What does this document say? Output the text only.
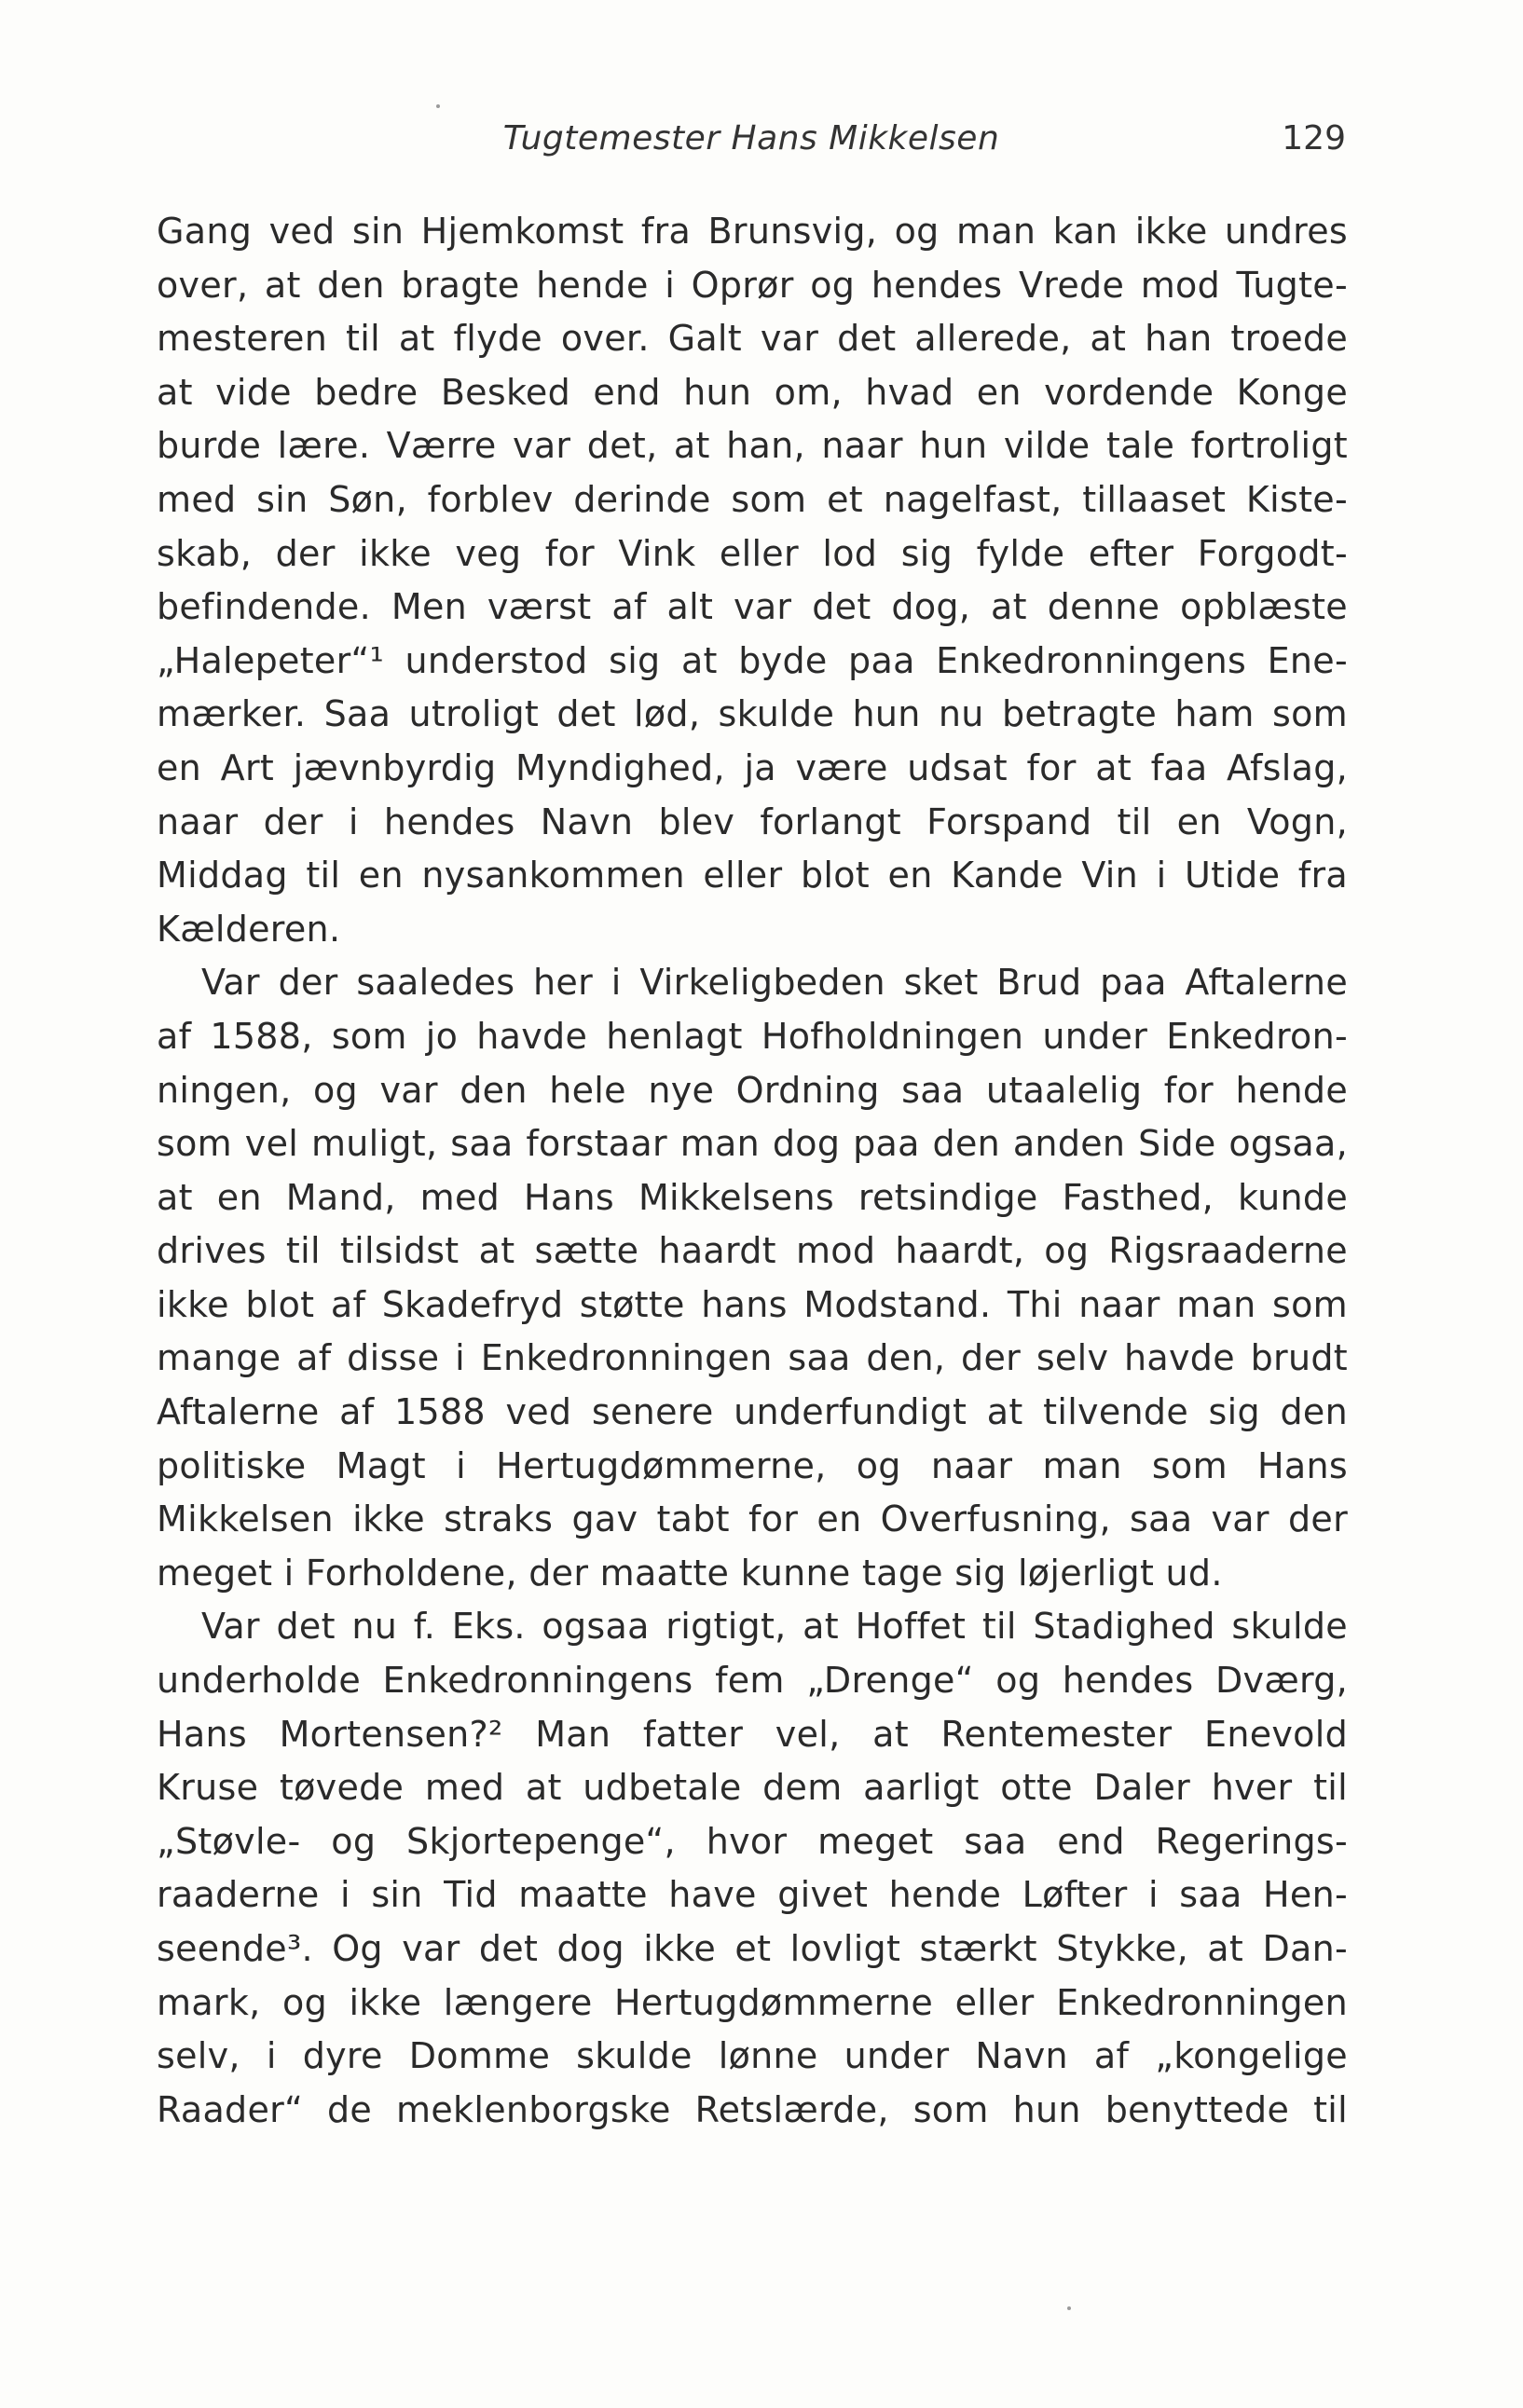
Tugtemester Hans Mikkelsen	129
Gang ved sin Hjemkomst fra Brunsvig, og man kan ikke undres
over, at den bragte hende i Oprør og hendes Vrede mod Tugte-
mesteren til at flyde over. Galt var det allerede, at han troede
at vide bedre Besked end hun om, hvad en vordende Konge
burde lære. Værre var det, at han, naar hun vilde tale fortroligt
med sin Søn, forblev derinde som et nagelfast, tillaaset Kiste-
skab, der ikke veg for Vink eller lod sig fylde efter Forgodt-
befindende. Men værst af alt var det dog, at denne opblæste
„Halepeter“¹ understod sig at byde paa Enkedronningens Ene-
mærker. Saa utroligt det lød, skulde hun nu betragte ham som
en Art jævnbyrdig Myndighed, ja være udsat for at faa Afslag,
naar der i hendes Navn blev forlangt Forspand til en Vogn,
Middag til en nysankommen eller blot en Kande Vin i Utide fra
Kælderen.
Var der saaledes her i Virkeligbeden sket Brud paa Aftalerne
af 1588, som jo havde henlagt Hofholdningen under Enkedron-
ningen, og var den hele nye Ordning saa utaalelig for hende
som vel muligt, saa forstaar man dog paa den anden Side ogsaa,
at en Mand, med Hans Mikkelsens retsindige Fasthed, kunde
drives til tilsidst at sætte haardt mod haardt, og Rigsraaderne
ikke blot af Skadefryd støtte hans Modstand. Thi naar man som
mange af disse i Enkedronningen saa den, der selv havde brudt
Aftalerne af 1588 ved senere underfundigt at tilvende sig den
politiske Magt i Hertugdømmerne, og naar man som Hans
Mikkelsen ikke straks gav tabt for en Overfusning, saa var der
meget i Forholdene, der maatte kunne tage sig løjerligt ud.
Var det nu f. Eks. ogsaa rigtigt, at Hoffet til Stadighed skulde
underholde Enkedronningens fem „Drenge“ og hendes Dværg,
Hans Mortensen?² Man fatter vel, at Rentemester Enevold
Kruse tøvede med at udbetale dem aarligt otte Daler hver til
„Støvle- og Skjortepenge“, hvor meget saa end Regerings-
raaderne i sin Tid maatte have givet hende Løfter i saa Hen-
seende³. Og var det dog ikke et lovligt stærkt Stykke, at Dan-
mark, og ikke længere Hertugdømmerne eller Enkedronningen
selv, i dyre Domme skulde lønne under Navn af „kongelige
Raader“ de meklenborgske Retslærde, som hun benyttede til
